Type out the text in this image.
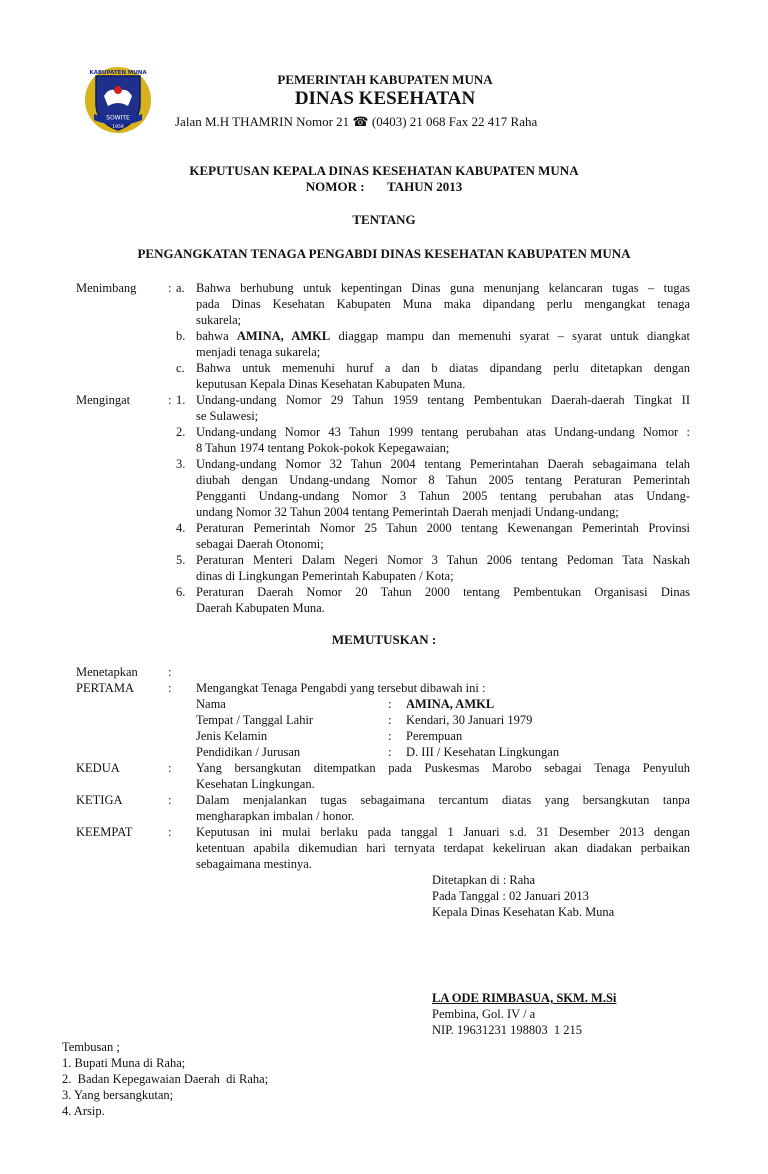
SOWITE
KABUPATEN MUNA
1959
PEMERINTAH KABUPATEN MUNA
DINAS KESEHATAN
Jalan M.H THAMRIN Nomor 21 ☎ (0403) 21 068 Fax 22 417 Raha
KEPUTUSAN KEPALA DINAS KESEHATAN KABUPATEN MUNA
NOMOR :       TAHUN 2013
TENTANG
PENGANGKATAN TENAGA PENGABDI DINAS KESEHATAN KABUPATEN MUNA
Menimbang	: a. Bahwa berhubung untuk kepentingan Dinas guna menunjang kelancaran tugas – tugas
pada Dinas Kesehatan Kabupaten Muna maka dipandang perlu mengangkat tenaga
sukarela;
b. bahwa AMINA, AMKL diaggap mampu dan memenuhi syarat – syarat untuk diangkat
menjadi tenaga sukarela;
c. Bahwa untuk memenuhi huruf a dan b diatas dipandang perlu ditetapkan dengan
keputusan Kepala Dinas Kesehatan Kabupaten Muna.
Mengingat	: 1. Undang-undang Nomor 29 Tahun 1959 tentang Pembentukan Daerah-daerah Tingkat II
se Sulawesi;
2. Undang-undang Nomor 43 Tahun 1999 tentang perubahan atas Undang-undang Nomor :
8 Tahun 1974 tentang Pokok-pokok Kepegawaian;
3. Undang-undang Nomor 32 Tahun 2004 tentang Pemerintahan Daerah sebagaimana telah
diubah dengan Undang-undang Nomor 8 Tahun 2005 tentang Peraturan Pemerintah
Pengganti Undang-undang Nomor 3 Tahun 2005 tentang perubahan atas Undang-
undang Nomor 32 Tahun 2004 tentang Pemerintah Daerah menjadi Undang-undang;
4. Peraturan Pemerintah Nomor 25 Tahun 2000 tentang Kewenangan Pemerintah Provinsi
sebagai Daerah Otonomi;
5. Peraturan Menteri Dalam Negeri Nomor 3 Tahun 2006 tentang Pedoman Tata Naskah
dinas di Lingkungan Pemerintah Kabupaten / Kota;
6. Peraturan Daerah Nomor 20 Tahun 2000 tentang Pembentukan Organisasi Dinas
Daerah Kabupaten Muna.
MEMUTUSKAN :
Menetapkan :
PERTAMA	: Mengangkat Tenaga Pengabdi yang tersebut dibawah ini :
Nama	: AMINA, AMKL
Tempat / Tanggal Lahir	: Kendari, 30 Januari 1979
Jenis Kelamin	: Perempuan
Pendidikan / Jurusan	: D. III / Kesehatan Lingkungan
KEDUA	: Yang bersangkutan ditempatkan pada Puskesmas Marobo sebagai Tenaga Penyuluh
Kesehatan Lingkungan.
KETIGA	: Dalam menjalankan tugas sebagaimana tercantum diatas yang bersangkutan tanpa
mengharapkan imbalan / honor.
KEEMPAT	: Keputusan ini mulai berlaku pada tanggal 1 Januari s.d. 31 Desember 2013 dengan
ketentuan apabila dikemudian hari ternyata terdapat kekeliruan akan diadakan perbaikan
sebagaimana mestinya.
Ditetapkan di : Raha
Pada Tanggal : 02 Januari 2013
Kepala Dinas Kesehatan Kab. Muna
LA ODE RIMBASUA, SKM. M.Si
Pembina, Gol. IV / a
NIP. 19631231 198803  1 215
Tembusan ;
1. Bupati Muna di Raha;
2.  Badan Kepegawaian Daerah  di Raha;
3. Yang bersangkutan;
4. Arsip.
